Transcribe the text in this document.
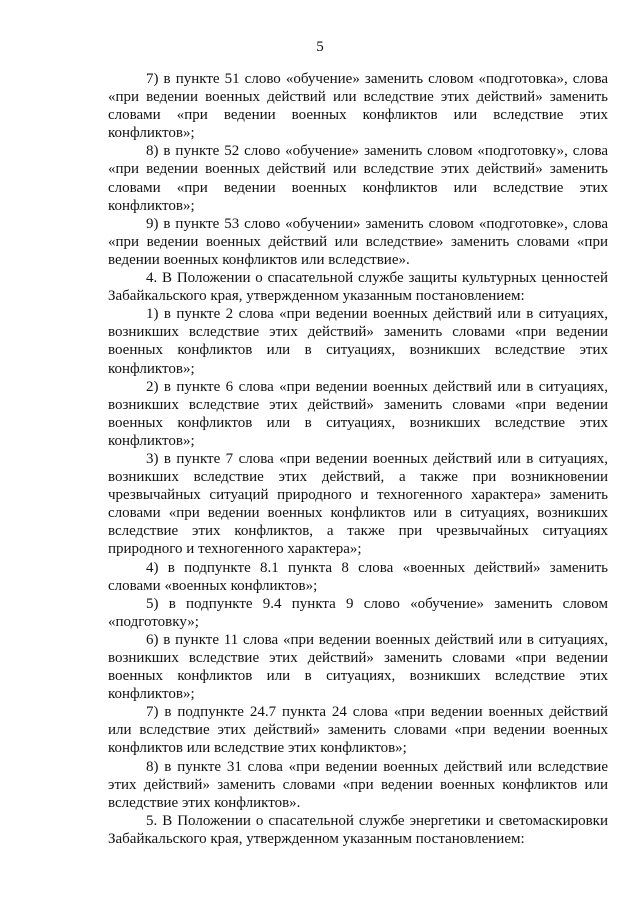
5

7) в пункте 51 слово «обучение» заменить словом «подготовка», слова «при ведении военных действий или вследствие этих действий» заменить словами «при ведении военных конфликтов или вследствие этих конфликтов»;

8) в пункте 52 слово «обучение» заменить словом «подготовку», слова «при ведении военных действий или вследствие этих действий» заменить словами «при ведении военных конфликтов или вследствие этих конфликтов»;

9) в пункте 53 слово «обучении» заменить словом «подготовке», слова «при ведении военных действий или вследствие» заменить словами «при ведении военных конфликтов или вследствие».

4. В Положении о спасательной службе защиты культурных ценностей Забайкальского края, утвержденном указанным постановлением:

1) в пункте 2 слова «при ведении военных действий или в ситуациях, возникших вследствие этих действий» заменить словами «при ведении военных конфликтов или в ситуациях, возникших вследствие этих конфликтов»;

2) в пункте 6 слова «при ведении военных действий или в ситуациях, возникших вследствие этих действий» заменить словами «при ведении военных конфликтов или в ситуациях, возникших вследствие этих конфликтов»;

3) в пункте 7 слова «при ведении военных действий или в ситуациях, возникших вследствие этих действий, а также при возникновении чрезвычайных ситуаций природного и техногенного характера» заменить словами «при ведении военных конфликтов или в ситуациях, возникших вследствие этих конфликтов, а также при чрезвычайных ситуациях природного и техногенного характера»;

4) в подпункте 8.1 пункта 8 слова «военных действий» заменить словами «военных конфликтов»;

5) в подпункте 9.4 пункта 9 слово «обучение» заменить словом «подготовку»;

6) в пункте 11 слова «при ведении военных действий или в ситуациях, возникших вследствие этих действий» заменить словами «при ведении военных конфликтов или в ситуациях, возникших вследствие этих конфликтов»;

7) в подпункте 24.7 пункта 24 слова «при ведении военных действий или вследствие этих действий» заменить словами «при ведении военных конфликтов или вследствие этих конфликтов»;

8) в пункте 31 слова «при ведении военных действий или вследствие этих действий» заменить словами «при ведении военных конфликтов или вследствие этих конфликтов».

5. В Положении о спасательной службе энергетики и светомаскировки Забайкальского края, утвержденном указанным постановлением:
